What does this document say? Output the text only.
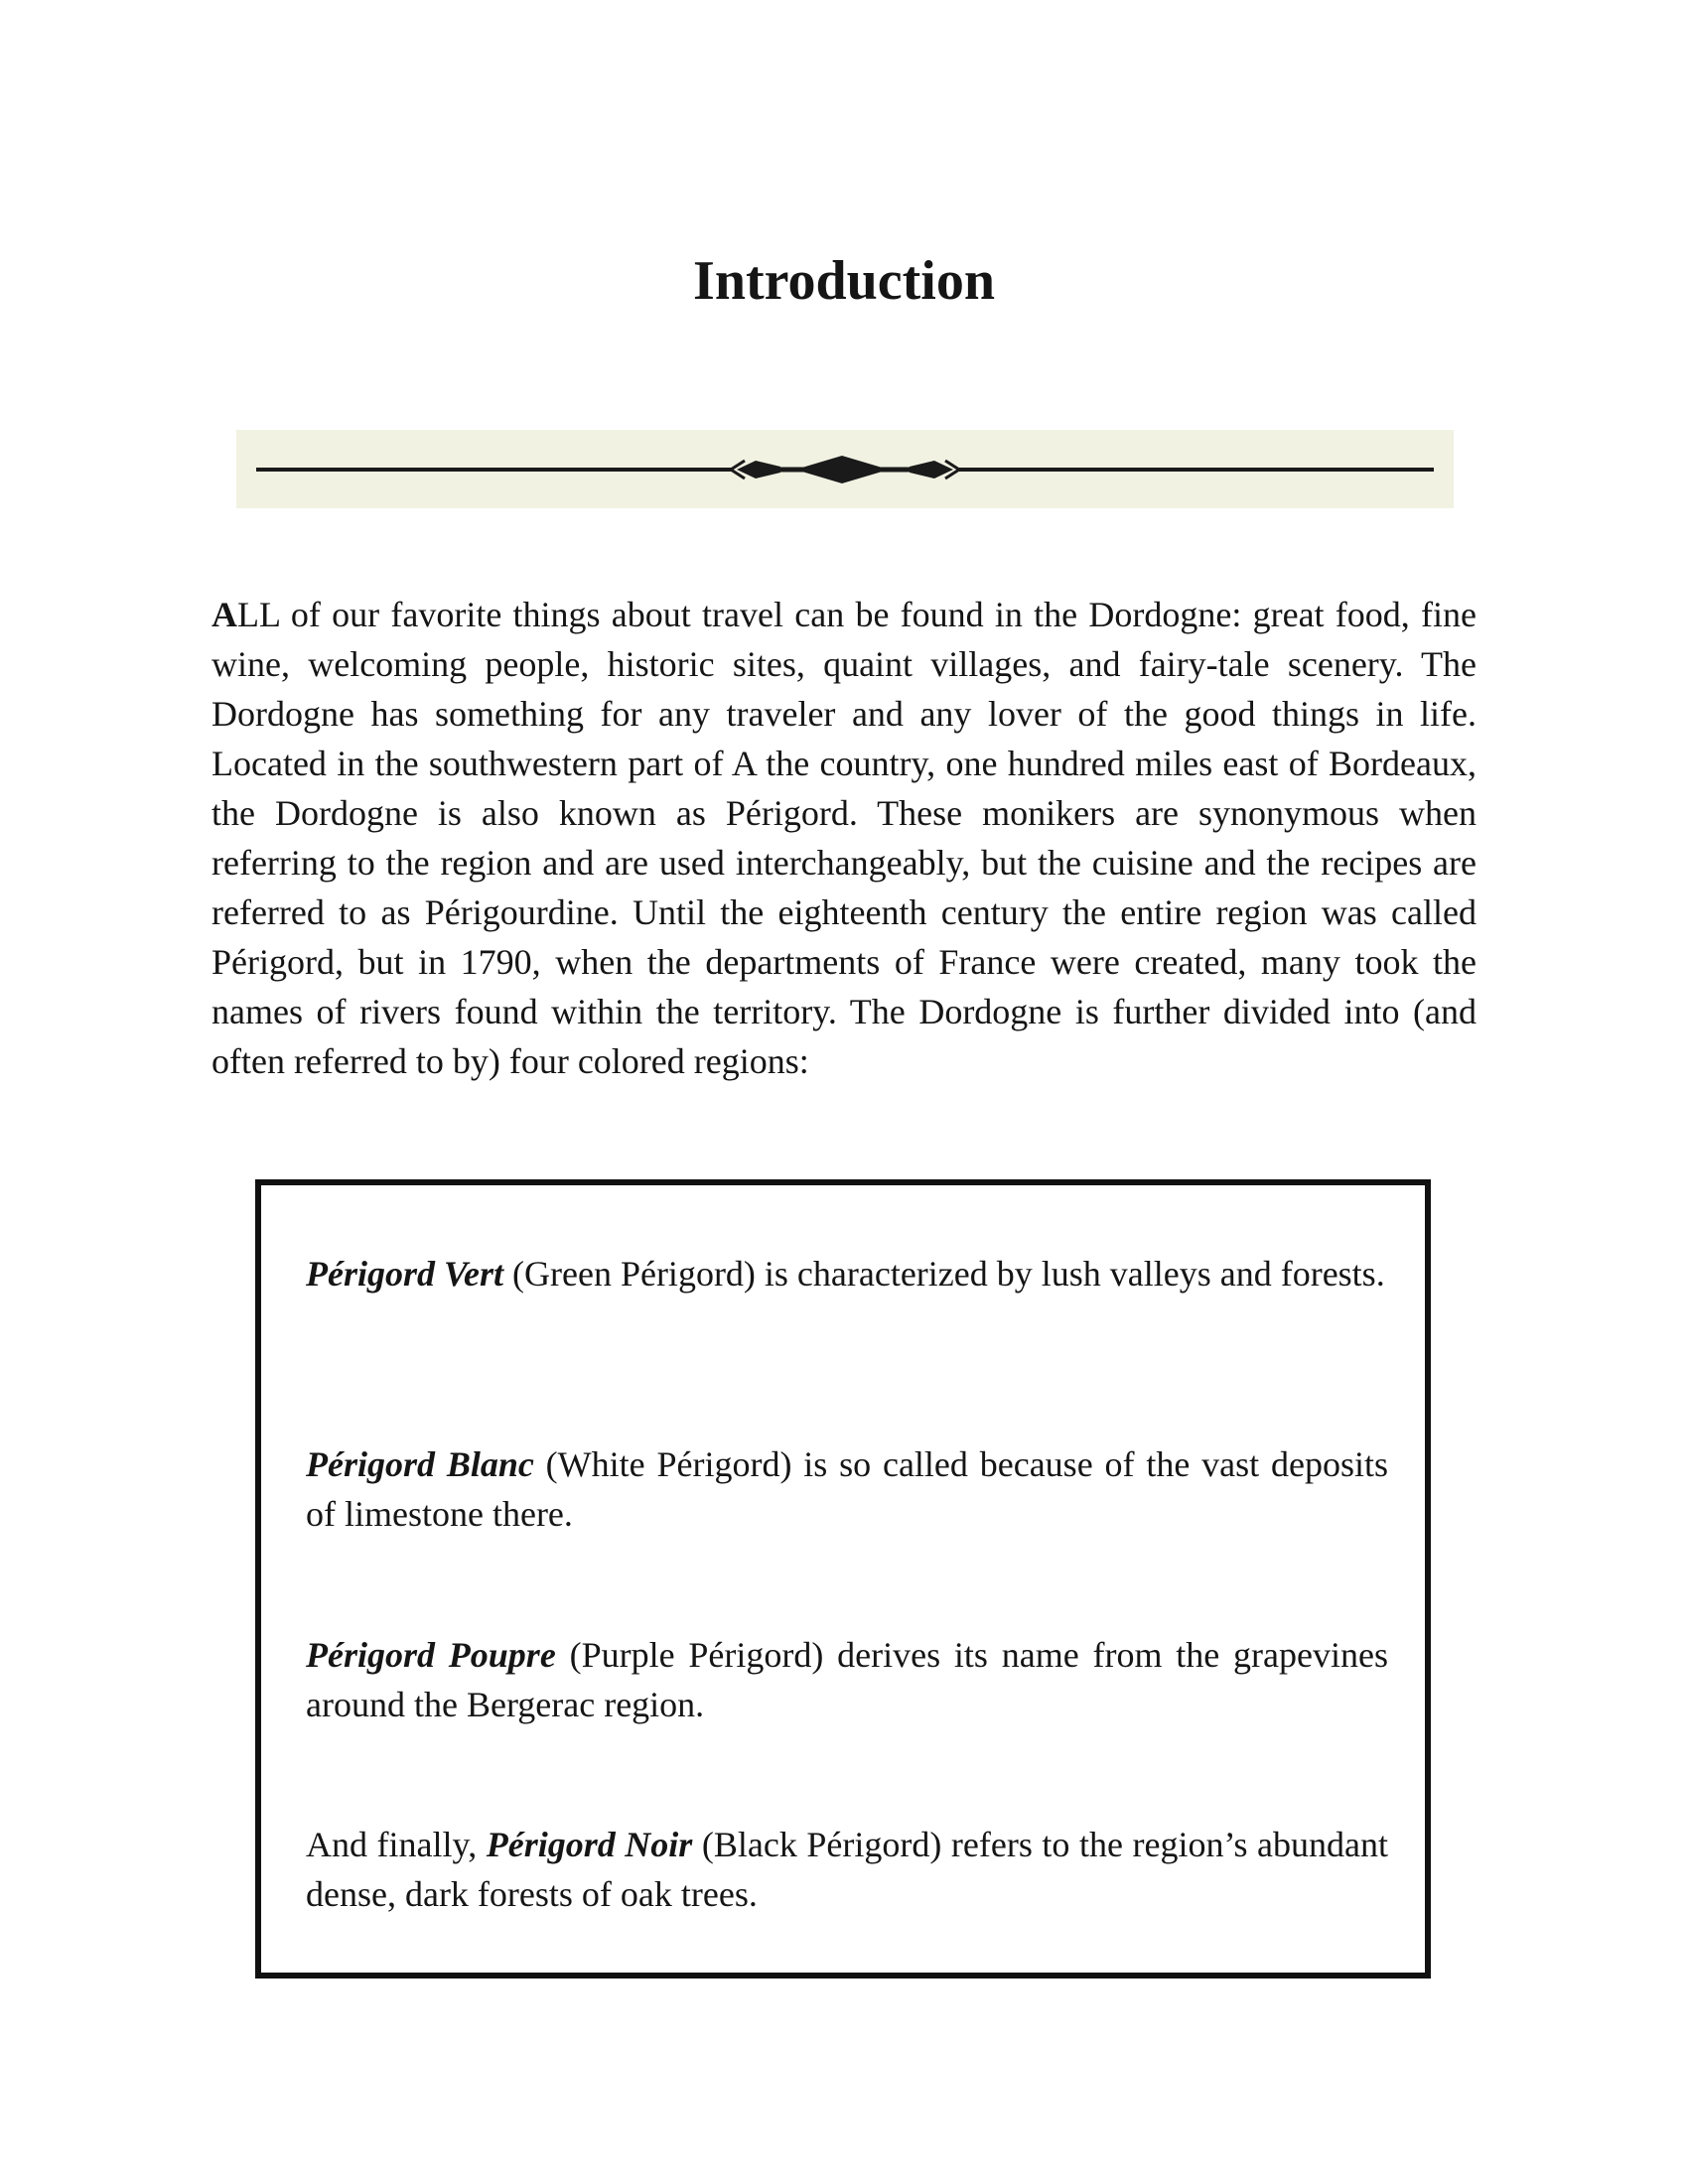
Introduction

ALL of our favorite things about travel can be found in the Dordogne: great food, fine wine, welcoming people, historic sites, quaint villages, and fairy-tale scenery. The Dordogne has something for any traveler and any lover of the good things in life. Located in the southwestern part of A the country, one hundred miles east of Bordeaux, the Dordogne is also known as Périgord. These monikers are synonymous when referring to the region and are used interchangeably, but the cuisine and the recipes are referred to as Périgourdine. Until the eighteenth century the entire region was called Périgord, but in 1790, when the departments of France were created, many took the names of rivers found within the territory. The Dordogne is further divided into (and often referred to by) four colored regions:

Périgord Vert (Green Périgord) is characterized by lush valleys and forests.

Périgord Blanc (White Périgord) is so called because of the vast deposits of limestone there.

Périgord Poupre (Purple Périgord) derives its name from the grapevines around the Bergerac region.

And finally, Périgord Noir (Black Périgord) refers to the region’s abundant dense, dark forests of oak trees.
